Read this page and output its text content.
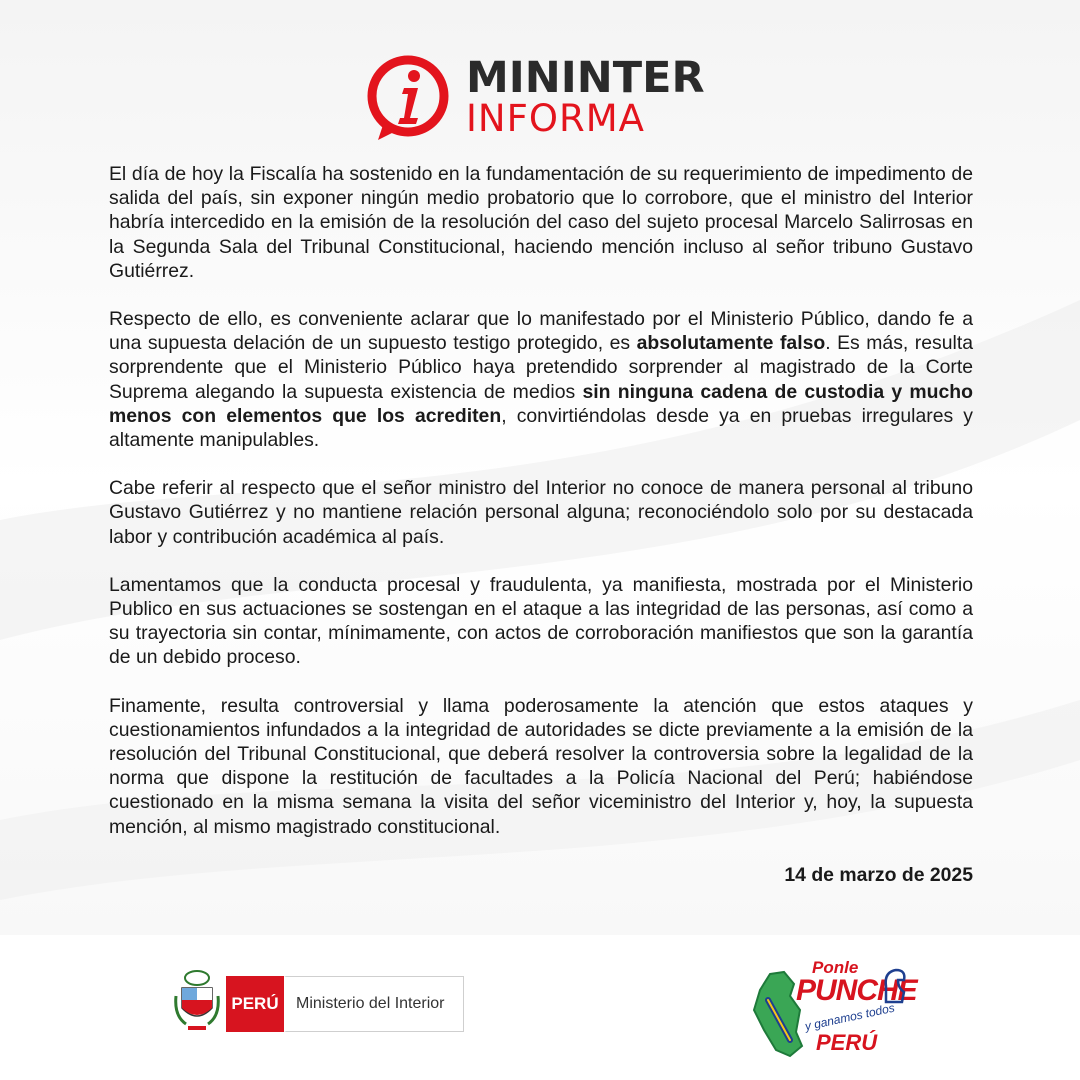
MININTER
INFORMA

El día de hoy la Fiscalía ha sostenido en la fundamentación de su requerimiento de impedimento de salida del país, sin exponer ningún medio probatorio que lo corrobore, que el ministro del Interior habría intercedido en la emisión de la resolución del caso del sujeto procesal Marcelo Salirrosas en la Segunda Sala del Tribunal Constitucional, haciendo mención incluso al señor tribuno Gustavo Gutiérrez.

Respecto de ello, es conveniente aclarar que lo manifestado por el Ministerio Público, dando fe a una supuesta delación de un supuesto testigo protegido, es absolutamente falso. Es más, resulta sorprendente que el Ministerio Público haya pretendido sorprender al magistrado de la Corte Suprema alegando la supuesta existencia de medios sin ninguna cadena de custodia y mucho menos con elementos que los acrediten, convirtiéndolas desde ya en pruebas irregulares y altamente manipulables.

Cabe referir al respecto que el señor ministro del Interior no conoce de manera personal al tribuno Gustavo Gutiérrez y no mantiene relación personal alguna; reconociéndolo solo por su destacada labor y contribución académica al país.

Lamentamos que la conducta procesal y fraudulenta, ya manifiesta, mostrada por el Ministerio Publico en sus actuaciones se sostengan en el ataque a las integridad de las personas, así como a su trayectoria sin contar, mínimamente, con actos de corroboración manifiestos que son la garantía de un debido proceso.

Finamente, resulta controversial y llama poderosamente la atención que estos ataques y cuestionamientos infundados a la integridad de autoridades se dicte previamente a la emisión de la resolución del Tribunal Constitucional, que deberá resolver la controversia sobre la legalidad de la norma que dispone la restitución de facultades a la Policía Nacional del Perú; habiéndose cuestionado en la misma semana la visita del señor viceministro del Interior y, hoy, la supuesta mención, al mismo magistrado constitucional.

14 de marzo de 2025

PERÚ	Ministerio del Interior
Ponle
PUNCHE
y ganamos todos
PERÚ
